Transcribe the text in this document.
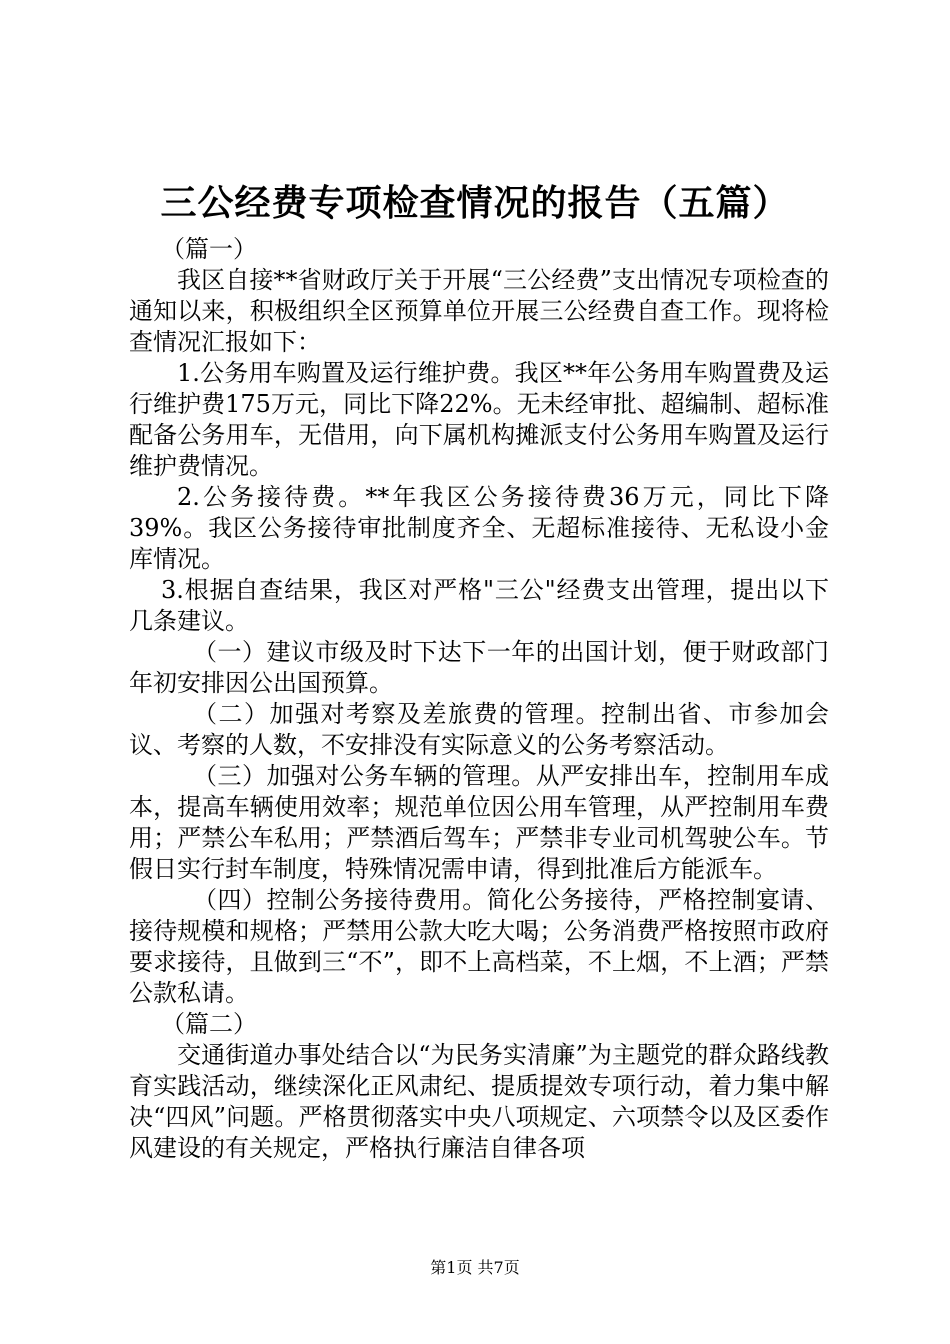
三公经费专项检查情况的报告（五篇）

（篇一）

我区自接**省财政厅关于开展“三公经费”支出情况专项检查的通知以来，积极组织全区预算单位开展三公经费自查工作。现将检查情况汇报如下：

1.公务用车购置及运行维护费。我区**年公务用车购置费及运行维护费175万元，同比下降22%。无未经审批、超编制、超标准配备公务用车，无借用，向下属机构摊派支付公务用车购置及运行维护费情况。

2.公务接待费。**年我区公务接待费36万元，同比下降39%。我区公务接待审批制度齐全、无超标准接待、无私设小金库情况。

3.根据自查结果，我区对严格"三公"经费支出管理，提出以下几条建议。

（一）建议市级及时下达下一年的出国计划，便于财政部门年初安排因公出国预算。

（二）加强对考察及差旅费的管理。控制出省、市参加会议、考察的人数，不安排没有实际意义的公务考察活动。

（三）加强对公务车辆的管理。从严安排出车，控制用车成本，提高车辆使用效率；规范单位因公用车管理，从严控制用车费用；严禁公车私用；严禁酒后驾车；严禁非专业司机驾驶公车。节假日实行封车制度，特殊情况需申请，得到批准后方能派车。

（四）控制公务接待费用。简化公务接待，严格控制宴请、接待规模和规格；严禁用公款大吃大喝；公务消费严格按照市政府要求接待，且做到三“不”，即不上高档菜，不上烟，不上酒；严禁公款私请。

（篇二）

交通街道办事处结合以“为民务实清廉”为主题党的群众路线教育实践活动，继续深化正风肃纪、提质提效专项行动，着力集中解决“四风”问题。严格贯彻落实中央八项规定、六项禁令以及区委作风建设的有关规定，严格执行廉洁自律各项

第1页 共7页
